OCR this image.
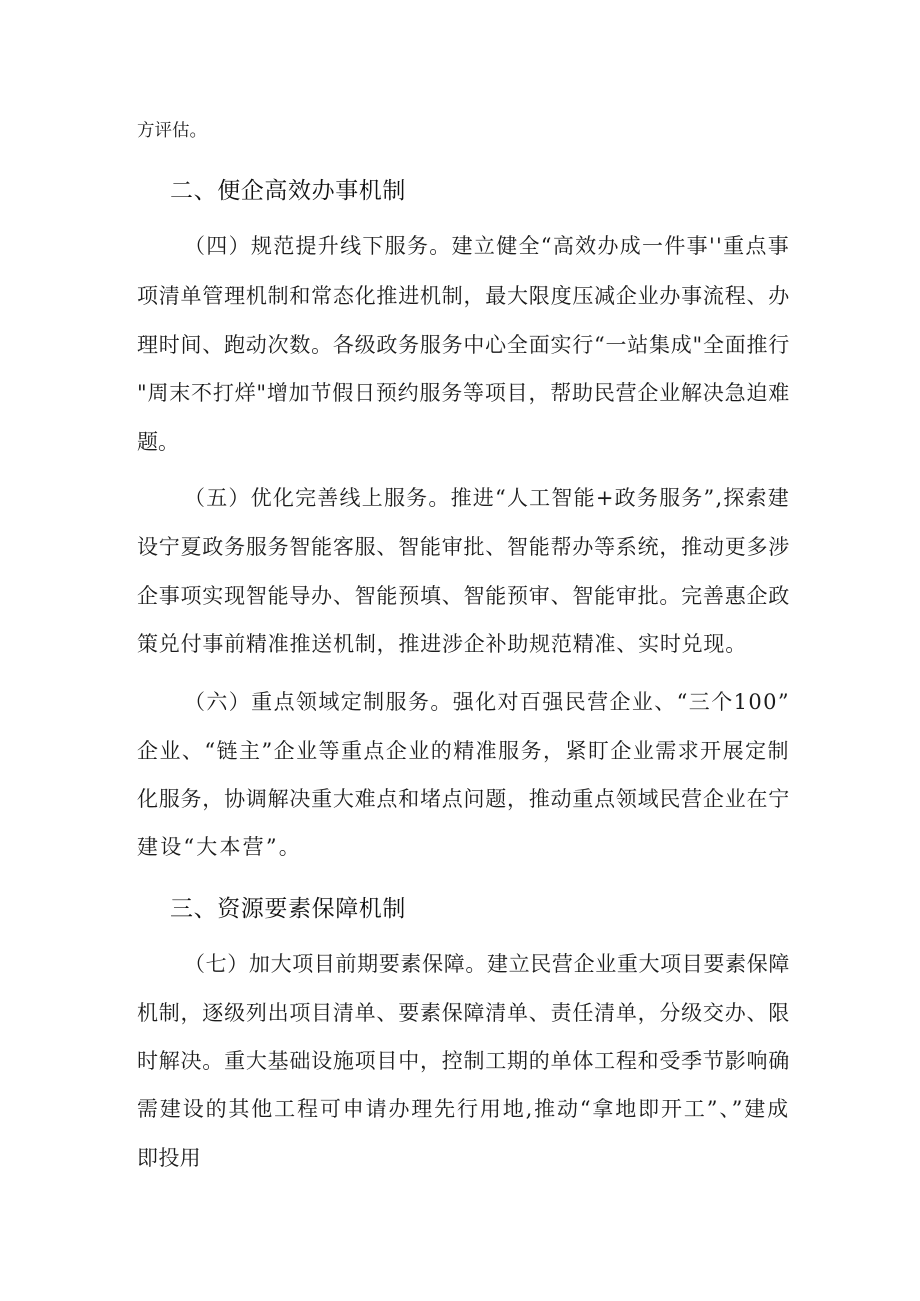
方评估。
二、便企高效办事机制
（四）规范提升线下服务。建立健全“高效办成一件事''重点事
项清单管理机制和常态化推进机制，最大限度压减企业办事流程、办
理时间、跑动次数。各级政务服务中心全面实行“一站集成"全面推行
"周末不打烊"增加节假日预约服务等项目，帮助民营企业解决急迫难
题。
（五）优化完善线上服务。推进“人工智能+政务服务”,探索建
设宁夏政务服务智能客服、智能审批、智能帮办等系统，推动更多涉
企事项实现智能导办、智能预填、智能预审、智能审批。完善惠企政
策兑付事前精准推送机制，推进涉企补助规范精准、实时兑现。
（六）重点领域定制服务。强化对百强民营企业、“三个100”
企业、“链主”企业等重点企业的精准服务，紧盯企业需求开展定制
化服务，协调解决重大难点和堵点问题，推动重点领域民营企业在宁
建设“大本营”。
三、资源要素保障机制
（七）加大项目前期要素保障。建立民营企业重大项目要素保障
机制，逐级列出项目清单、要素保障清单、责任清单，分级交办、限
时解决。重大基础设施项目中，控制工期的单体工程和受季节影响确
需建设的其他工程可申请办理先行用地,推动“拿地即开工”、”建成
即投用
